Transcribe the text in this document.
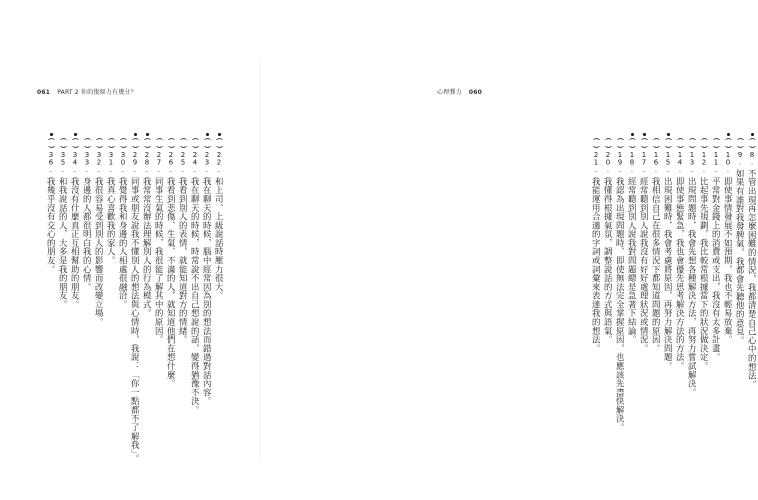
061 PART 2 你的復原力有幾分？
22.
和上司、上級說話時壓力很大。
23.
我在聊天的時候，腦中經常因為別的想法而錯過對話內容。
24.
我在聊天的時候，時常說不出自己想說的話，變得猶豫不決。
25.
我看到別人的表情，就能知道對方的情緒。
26.
我看到悲傷、生氣、不滿的人，就知道他們在想什麼。
27.
同事生氣的時候，我很能了解其中的原因。
28.
我常常沒辦法理解別人的行為模式。
29.
同事或朋友說我不懂別人的想法與心情時，我說：「你一點都不了解我」。
30.
我覺得我和身邊的人相處很融洽。
31.
我真心喜歡我的家人。
32.
我很容易受到別人的影響而改變立場。
33.
身邊的人都很明白我的心情。
34.
我沒有什麼真正互相幫助的朋友。
35.
和我說話的人，大多是我的朋友。
36.
我幾乎沒有交心的朋友。
心理彈力 060
8.
不管出現再怎麼困難的情況，我都清楚自己心中的想法。
9.
如果有誰對我發脾氣，我都會先聽他的意見。
10.
即使事情發展不如預期，我也不輕易放棄。
11.
平常對金錢上的消費或支出，我沒有太多計畫。
12.
比起事先規劃，我比較常根據當下的狀況做決定。
13.
出現問題時，我會先想各種解決方法，再努力嘗試解決。
14.
即使事態緊急，我也會優先思考解決方法的方法。
15.
出現困難時，我會考慮將原因，再努力解決問題。
16.
我相信自己在很多情況下都知道問題的原因。
17.
經常聽到別人說我沒有好好處理狀況或情況。
18.
經常聽到別人說我對問題總是急著下結論。
19.
我認為出現問題時，即使無法完全掌握原因，也應該先盡快解決。
20.
我懂得根據氣氛，調整說話的方式與語氣。
21.
我能運用合適的字詞或詞彙來表達我的想法。
